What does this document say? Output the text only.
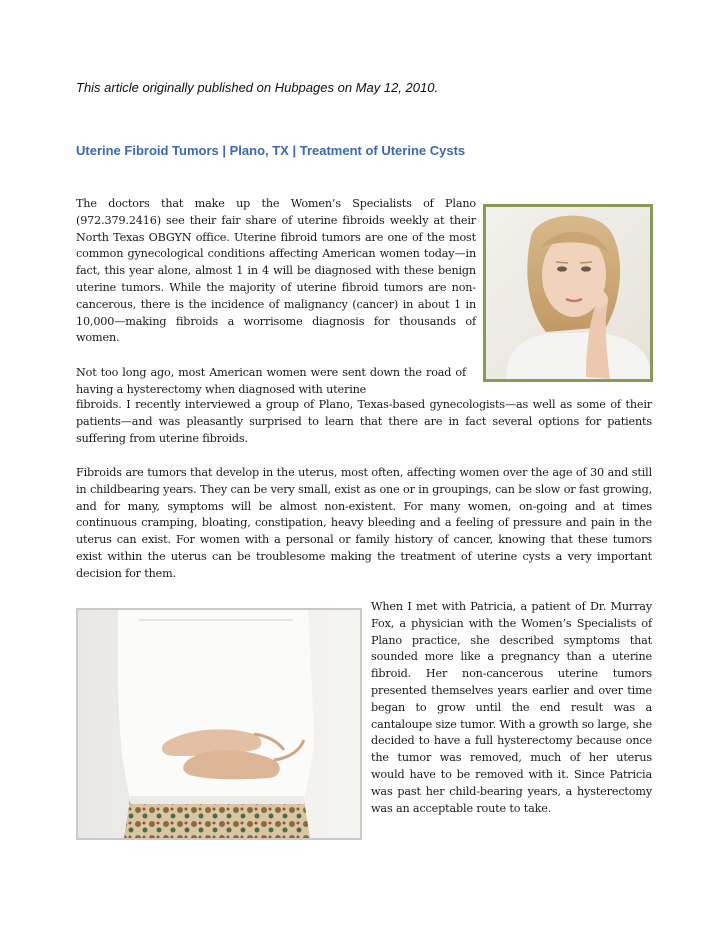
This article originally published on Hubpages on May 12, 2010.

Uterine Fibroid Tumors | Plano, TX | Treatment of Uterine Cysts

The doctors that make up the Women’s Specialists of Plano (972.379.2416) see their fair share of uterine fibroids weekly at their North Texas OBGYN office. Uterine fibroid tumors are one of the most common gynecological conditions affecting American women today—in fact, this year alone, almost 1 in 4 will be diagnosed with these benign uterine tumors. While the majority of uterine fibroid tumors are non-cancerous, there is the incidence of malignancy (cancer) in about 1 in 10,000—making fibroids a worrisome diagnosis for thousands of women.

Not too long ago, most American women were sent down the road of having a hysterectomy when diagnosed with uterine

fibroids. I recently interviewed a group of Plano, Texas-based gynecologists—as well as some of their patients—and was pleasantly surprised to learn that there are in fact several options for patients suffering from uterine fibroids.

Fibroids are tumors that develop in the uterus, most often, affecting women over the age of 30 and still in childbearing years. They can be very small, exist as one or in groupings, can be slow or fast growing, and for many, symptoms will be almost non-existent. For many women, on-going and at times continuous cramping, bloating, constipation, heavy bleeding and a feeling of pressure and pain in the uterus can exist. For women with a personal or family history of cancer, knowing that these tumors exist within the uterus can be troublesome making the treatment of uterine cysts a very important decision for them.

When I met with Patricia, a patient of Dr. Murray Fox, a physician with the Women’s Specialists of Plano practice, she described symptoms that sounded more like a pregnancy than a uterine fibroid. Her non-cancerous uterine tumors presented themselves years earlier and over time began to grow until the end result was a cantaloupe size tumor. With a growth so large, she decided to have a full hysterectomy because once the tumor was removed, much of her uterus would have to be removed with it. Since Patricia was past her child-bearing years, a hysterectomy was an acceptable route to take.
